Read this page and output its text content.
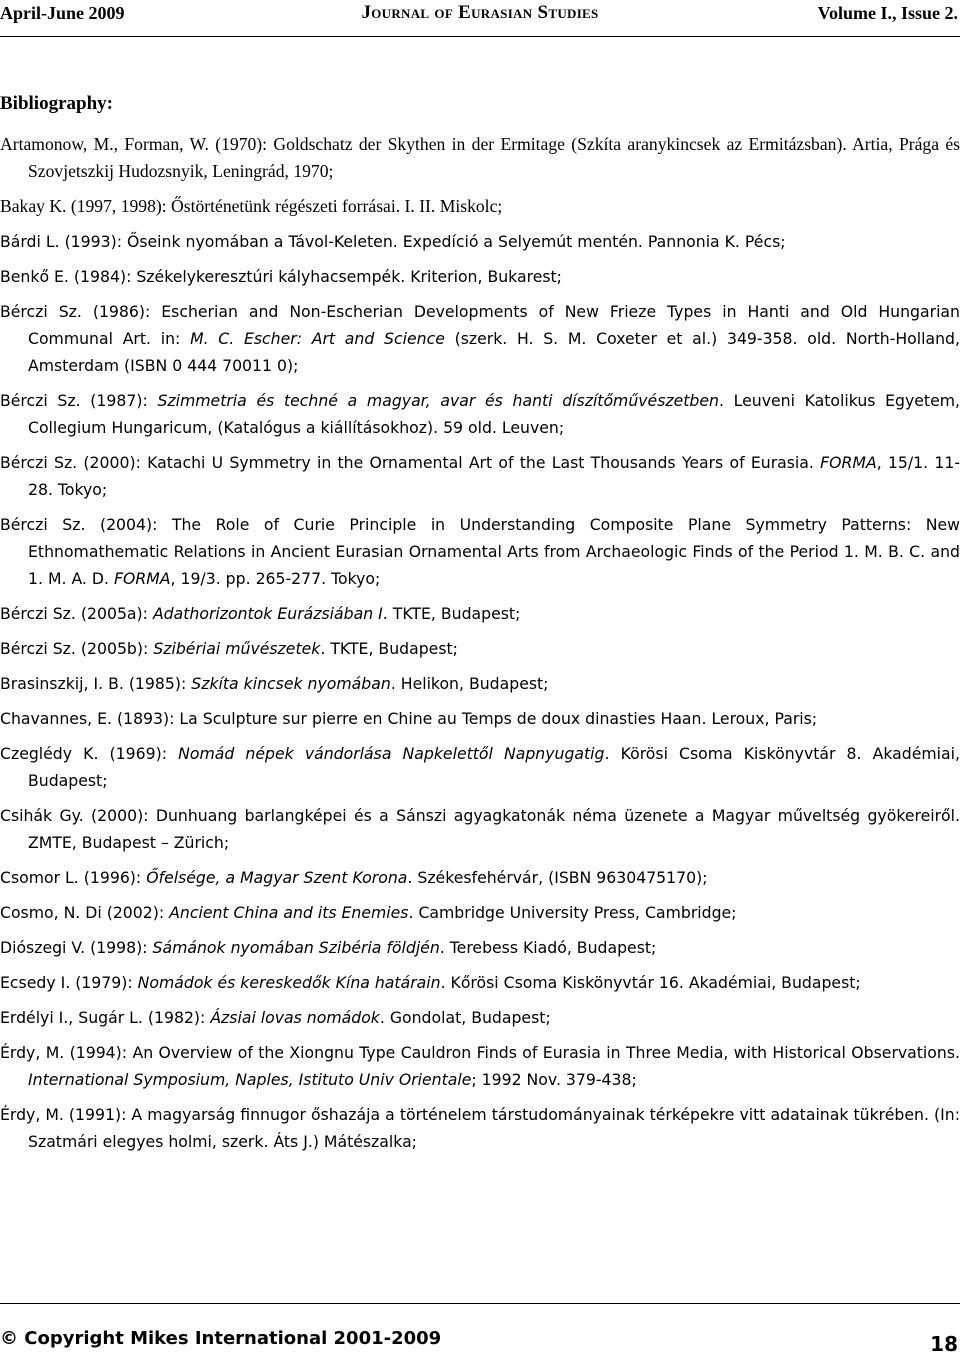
April-June 2009	Journal of Eurasian Studies	Volume I., Issue 2.
Bibliography:

Artamonow, M., Forman, W. (1970): Goldschatz der Skythen in der Ermitage (Szkíta aranykincsek az Ermitázsban). Artia, Prága és Szovjetszkij Hudozsnyik, Leningrád, 1970;

Bakay K. (1997, 1998): Őstörténetünk régészeti forrásai. I. II. Miskolc;

Bárdi L. (1993): Őseink nyomában a Távol-Keleten. Expedíció a Selyemút mentén. Pannonia K. Pécs;

Benkő E. (1984): Székelykeresztúri kályhacsempék. Kriterion, Bukarest;

Bérczi Sz. (1986): Escherian and Non-Escherian Developments of New Frieze Types in Hanti and Old Hungarian Communal Art. in: M. C. Escher: Art and Science (szerk. H. S. M. Coxeter et al.) 349-358. old. North-Holland, Amsterdam (ISBN 0 444 70011 0);

Bérczi Sz. (1987): Szimmetria és techné a magyar, avar és hanti díszítőművészetben. Leuveni Katolikus Egyetem, Collegium Hungaricum, (Katalógus a kiállításokhoz). 59 old. Leuven;

Bérczi Sz. (2000): Katachi U Symmetry in the Ornamental Art of the Last Thousands Years of Eurasia. FORMA, 15/1. 11-28. Tokyo;

Bérczi Sz. (2004): The Role of Curie Principle in Understanding Composite Plane Symmetry Patterns: New Ethnomathematic Relations in Ancient Eurasian Ornamental Arts from Archaeologic Finds of the Period 1. M. B. C. and 1. M. A. D. FORMA, 19/3. pp. 265-277. Tokyo;

Bérczi Sz. (2005a): Adathorizontok Eurázsiában I. TKTE, Budapest;

Bérczi Sz. (2005b): Szibériai művészetek. TKTE, Budapest;

Brasinszkij, I. B. (1985): Szkíta kincsek nyomában. Helikon, Budapest;

Chavannes, E. (1893): La Sculpture sur pierre en Chine au Temps de doux dinasties Haan. Leroux, Paris;

Czeglédy K. (1969): Nomád népek vándorlása Napkelettől Napnyugatig. Körösi Csoma Kiskönyvtár 8. Akadémiai, Budapest;

Csihák Gy. (2000): Dunhuang barlangképei és a Sánszi agyagkatonák néma üzenete a Magyar műveltség gyökereiről. ZMTE, Budapest – Zürich;

Csomor L. (1996): Őfelsége, a Magyar Szent Korona. Székesfehérvár, (ISBN 9630475170);

Cosmo, N. Di (2002): Ancient China and its Enemies. Cambridge University Press, Cambridge;

Diószegi V. (1998): Sámánok nyomában Szibéria földjén. Terebess Kiadó, Budapest;

Ecsedy I. (1979): Nomádok és kereskedők Kína határain. Kőrösi Csoma Kiskönyvtár 16. Akadémiai, Budapest;

Erdélyi I., Sugár L. (1982): Ázsiai lovas nomádok. Gondolat, Budapest;

Érdy, M. (1994): An Overview of the Xiongnu Type Cauldron Finds of Eurasia in Three Media, with Historical Observations. International Symposium, Naples, Istituto Univ Orientale; 1992 Nov. 379-438;

Érdy, M. (1991): A magyarság finnugor őshazája a történelem társtudományainak térképekre vitt adatainak tükrében. (In: Szatmári elegyes holmi, szerk. Áts J.) Mátészalka;

© Copyright Mikes International 2001-2009	18
